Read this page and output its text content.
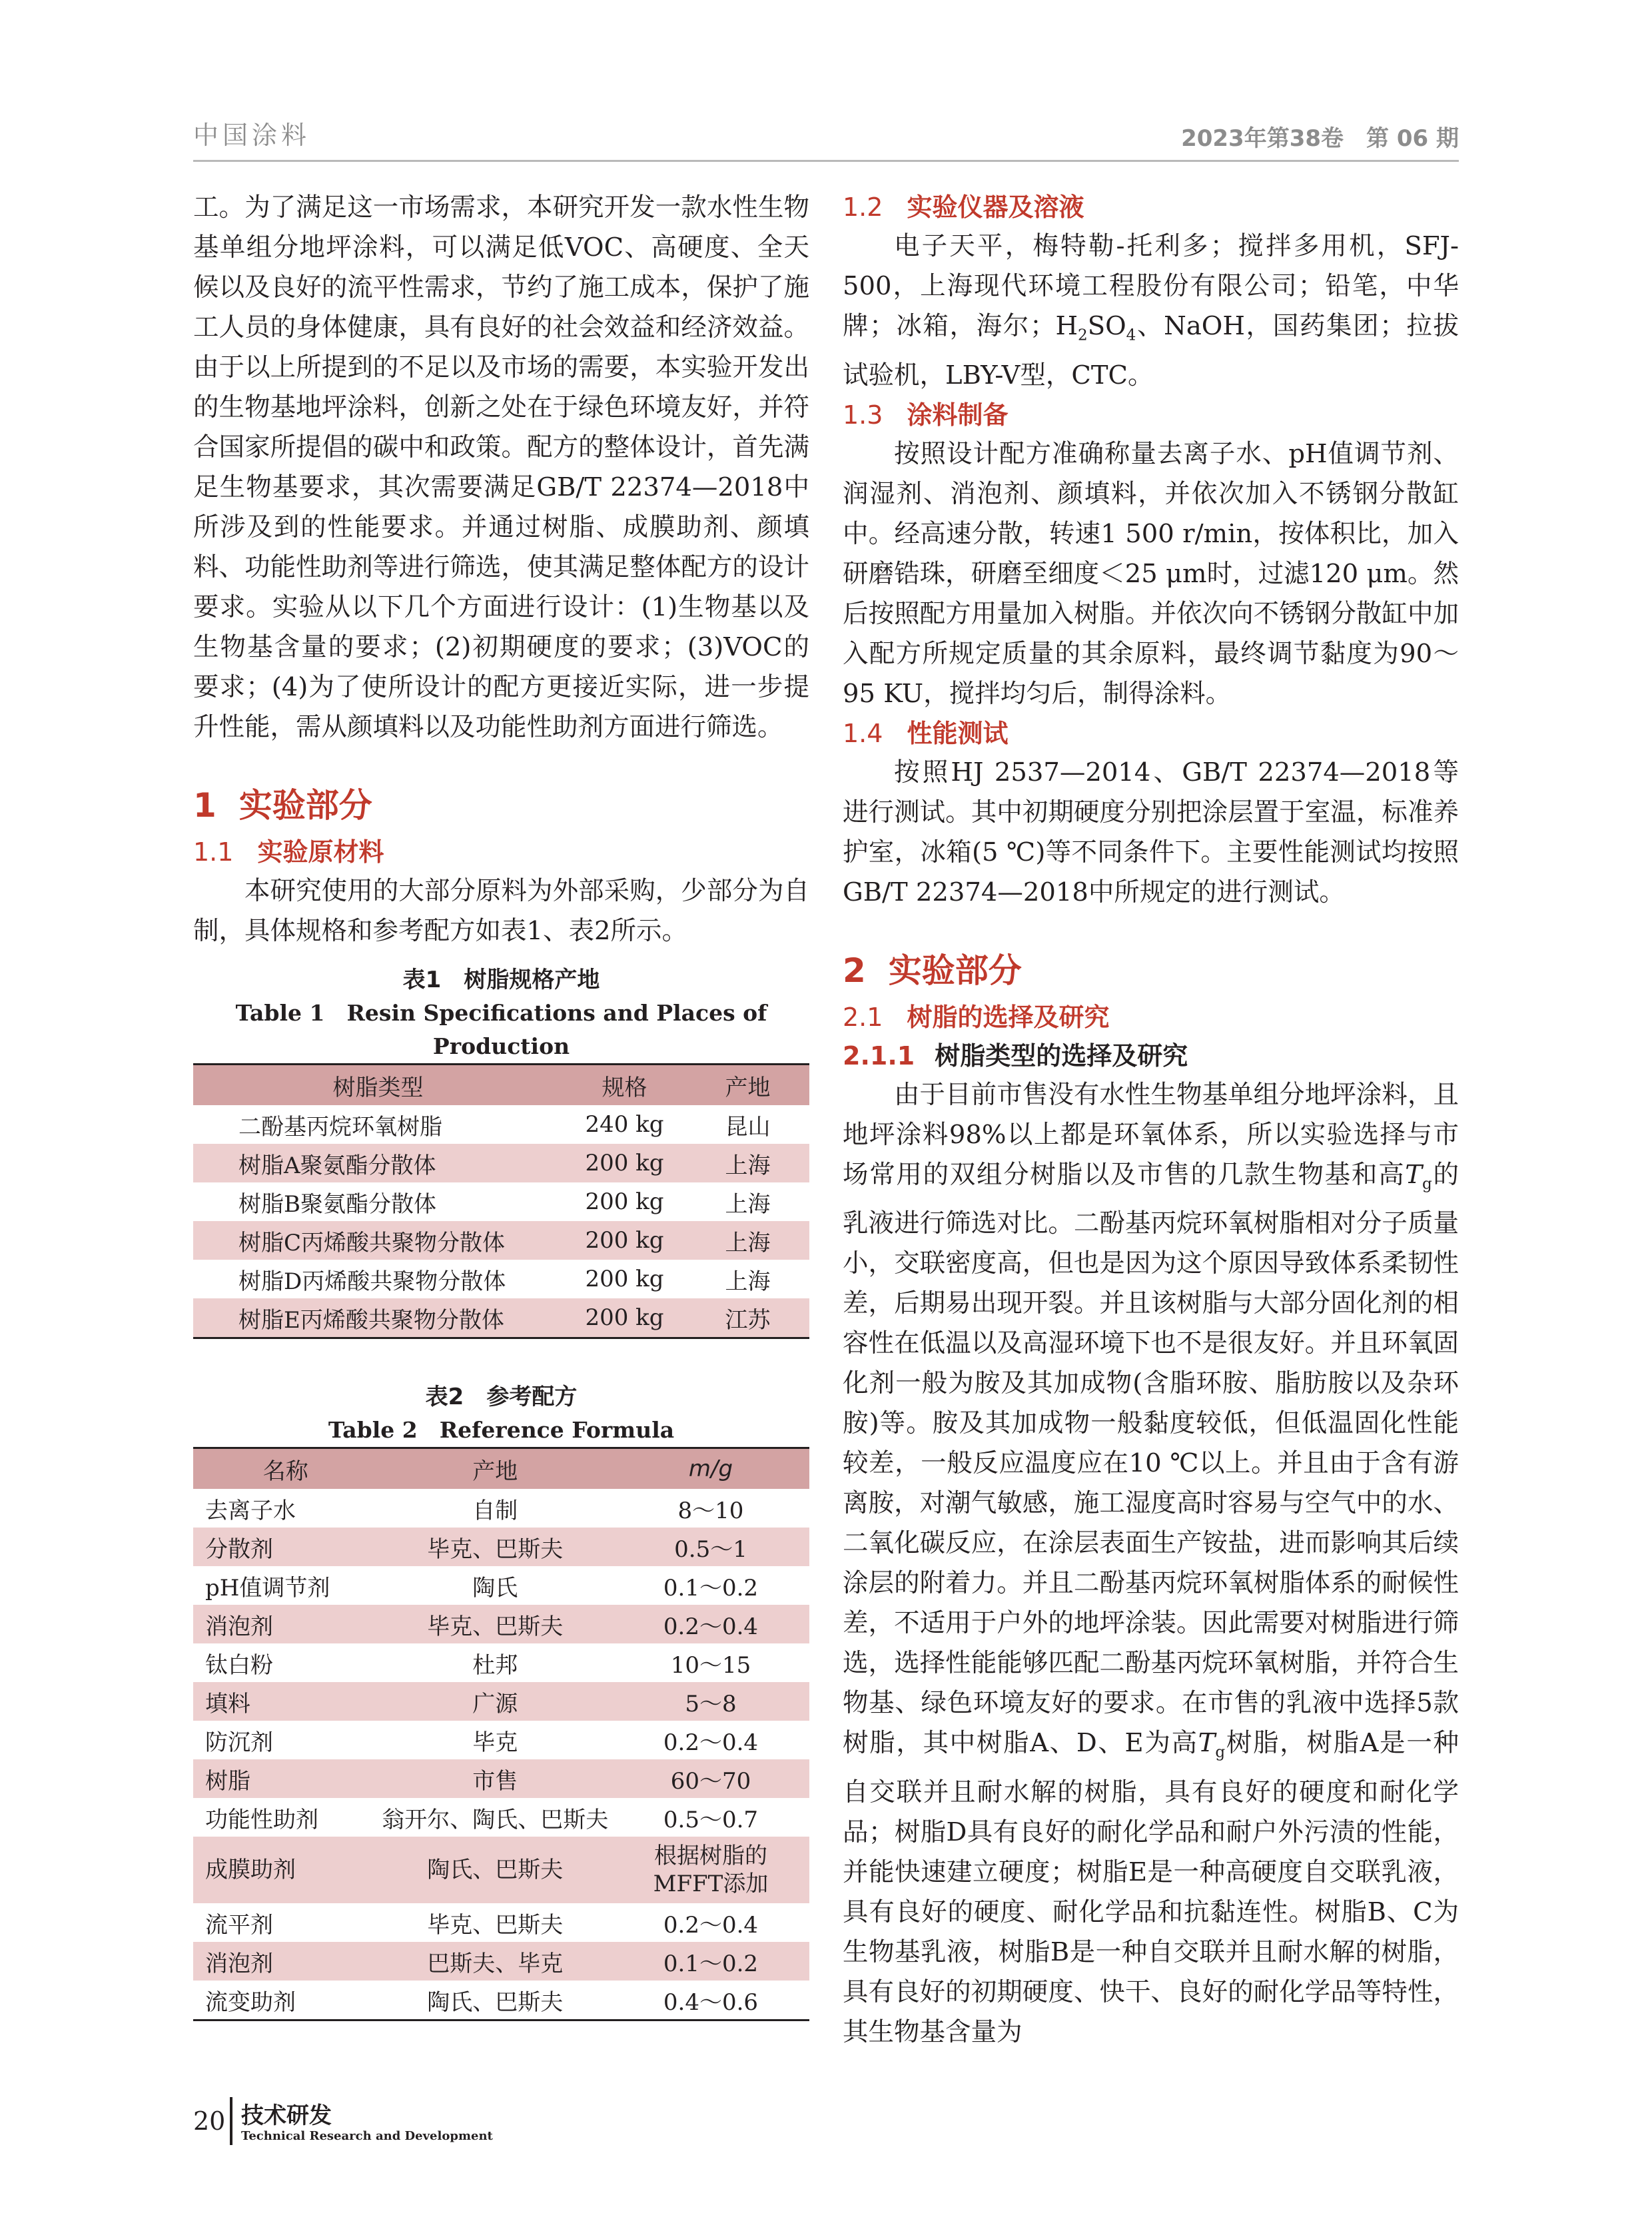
中国涂料	2023年第38卷　第 06 期

工。为了满足这一市场需求，本研究开发一款水性生物基单组分地坪涂料，可以满足低VOC、高硬度、全天候以及良好的流平性需求，节约了施工成本，保护了施工人员的身体健康，具有良好的社会效益和经济效益。由于以上所提到的不足以及市场的需要，本实验开发出的生物基地坪涂料，创新之处在于绿色环境友好，并符合国家所提倡的碳中和政策。配方的整体设计，首先满足生物基要求，其次需要满足GB/T 22374—2018中所涉及到的性能要求。并通过树脂、成膜助剂、颜填料、功能性助剂等进行筛选，使其满足整体配方的设计要求。实验从以下几个方面进行设计：(1)生物基以及生物基含量的要求；(2)初期硬度的要求；(3)VOC的要求；(4)为了使所设计的配方更接近实际，进一步提升性能，需从颜填料以及功能性助剂方面进行筛选。

1 实验部分
1.1 实验原材料

本研究使用的大部分原料为外部采购，少部分为自制，具体规格和参考配方如表1、表2所示。

表1　树脂规格产地
Table 1　Resin Specifications and Places of Production
树脂类型	规格	产地
二酚基丙烷环氧树脂	240 kg	昆山
树脂A聚氨酯分散体	200 kg	上海
树脂B聚氨酯分散体	200 kg	上海
树脂C丙烯酸共聚物分散体	200 kg	上海
树脂D丙烯酸共聚物分散体	200 kg	上海
树脂E丙烯酸共聚物分散体	200 kg	江苏
表2　参考配方
Table 2　Reference Formula
名称	产地	m/g
去离子水	自制	8～10
分散剂	毕克、巴斯夫	0.5～1
pH值调节剂	陶氏	0.1～0.2
消泡剂	毕克、巴斯夫	0.2～0.4
钛白粉	杜邦	10～15
填料	广源	5～8
防沉剂	毕克	0.2～0.4
树脂	市售	60～70
功能性助剂	翁开尔、陶氏、巴斯夫	0.5～0.7
成膜助剂	陶氏、巴斯夫	根据树脂的MFFT添加
流平剂	毕克、巴斯夫	0.2～0.4
消泡剂	巴斯夫、毕克	0.1～0.2
流变助剂	陶氏、巴斯夫	0.4～0.6
1.2 实验仪器及溶液

电子天平，梅特勒-托利多；搅拌多用机，SFJ-500，上海现代环境工程股份有限公司；铅笔，中华牌；冰箱，海尔；$H_2SO_4$、NaOH，国药集团；拉拔试验机，LBY-V型，CTC。

1.3 涂料制备

按照设计配方准确称量去离子水、pH值调节剂、润湿剂、消泡剂、颜填料，并依次加入不锈钢分散缸中。经高速分散，转速1 500 r/min，按体积比，加入研磨锆珠，研磨至细度＜25 μm时，过滤120 μm。然后按照配方用量加入树脂。并依次向不锈钢分散缸中加入配方所规定质量的其余原料，最终调节黏度为90～95 KU，搅拌均匀后，制得涂料。

1.4 性能测试

按照HJ 2537—2014、GB/T 22374—2018等进行测试。其中初期硬度分别把涂层置于室温，标准养护室，冰箱(5 ℃)等不同条件下。主要性能测试均按照GB/T 22374—2018中所规定的进行测试。

2 实验部分
2.1 树脂的选择及研究
2.1.1 树脂类型的选择及研究

由于目前市售没有水性生物基单组分地坪涂料，且地坪涂料98%以上都是环氧体系，所以实验选择与市场常用的双组分树脂以及市售的几款生物基和高$T_g$的乳液进行筛选对比。二酚基丙烷环氧树脂相对分子质量小，交联密度高，但也是因为这个原因导致体系柔韧性差，后期易出现开裂。并且该树脂与大部分固化剂的相容性在低温以及高湿环境下也不是很友好。并且环氧固化剂一般为胺及其加成物(含脂环胺、脂肪胺以及杂环胺)等。胺及其加成物一般黏度较低，但低温固化性能较差，一般反应温度应在10 ℃以上。并且由于含有游离胺，对潮气敏感，施工湿度高时容易与空气中的水、二氧化碳反应，在涂层表面生产铵盐，进而影响其后续涂层的附着力。并且二酚基丙烷环氧树脂体系的耐候性差，不适用于户外的地坪涂装。因此需要对树脂进行筛选，选择性能能够匹配二酚基丙烷环氧树脂，并符合生物基、绿色环境友好的要求。在市售的乳液中选择5款树脂，其中树脂A、D、E为高$T_g$树脂，树脂A是一种自交联并且耐水解的树脂，具有良好的硬度和耐化学品；树脂D具有良好的耐化学品和耐户外污渍的性能，并能快速建立硬度；树脂E是一种高硬度自交联乳液，具有良好的硬度、耐化学品和抗黏连性。树脂B、C为生物基乳液，树脂B是一种自交联并且耐水解的树脂，具有良好的初期硬度、快干、良好的耐化学品等特性，其生物基含量为

20 技术研发
Technical Research and Development
